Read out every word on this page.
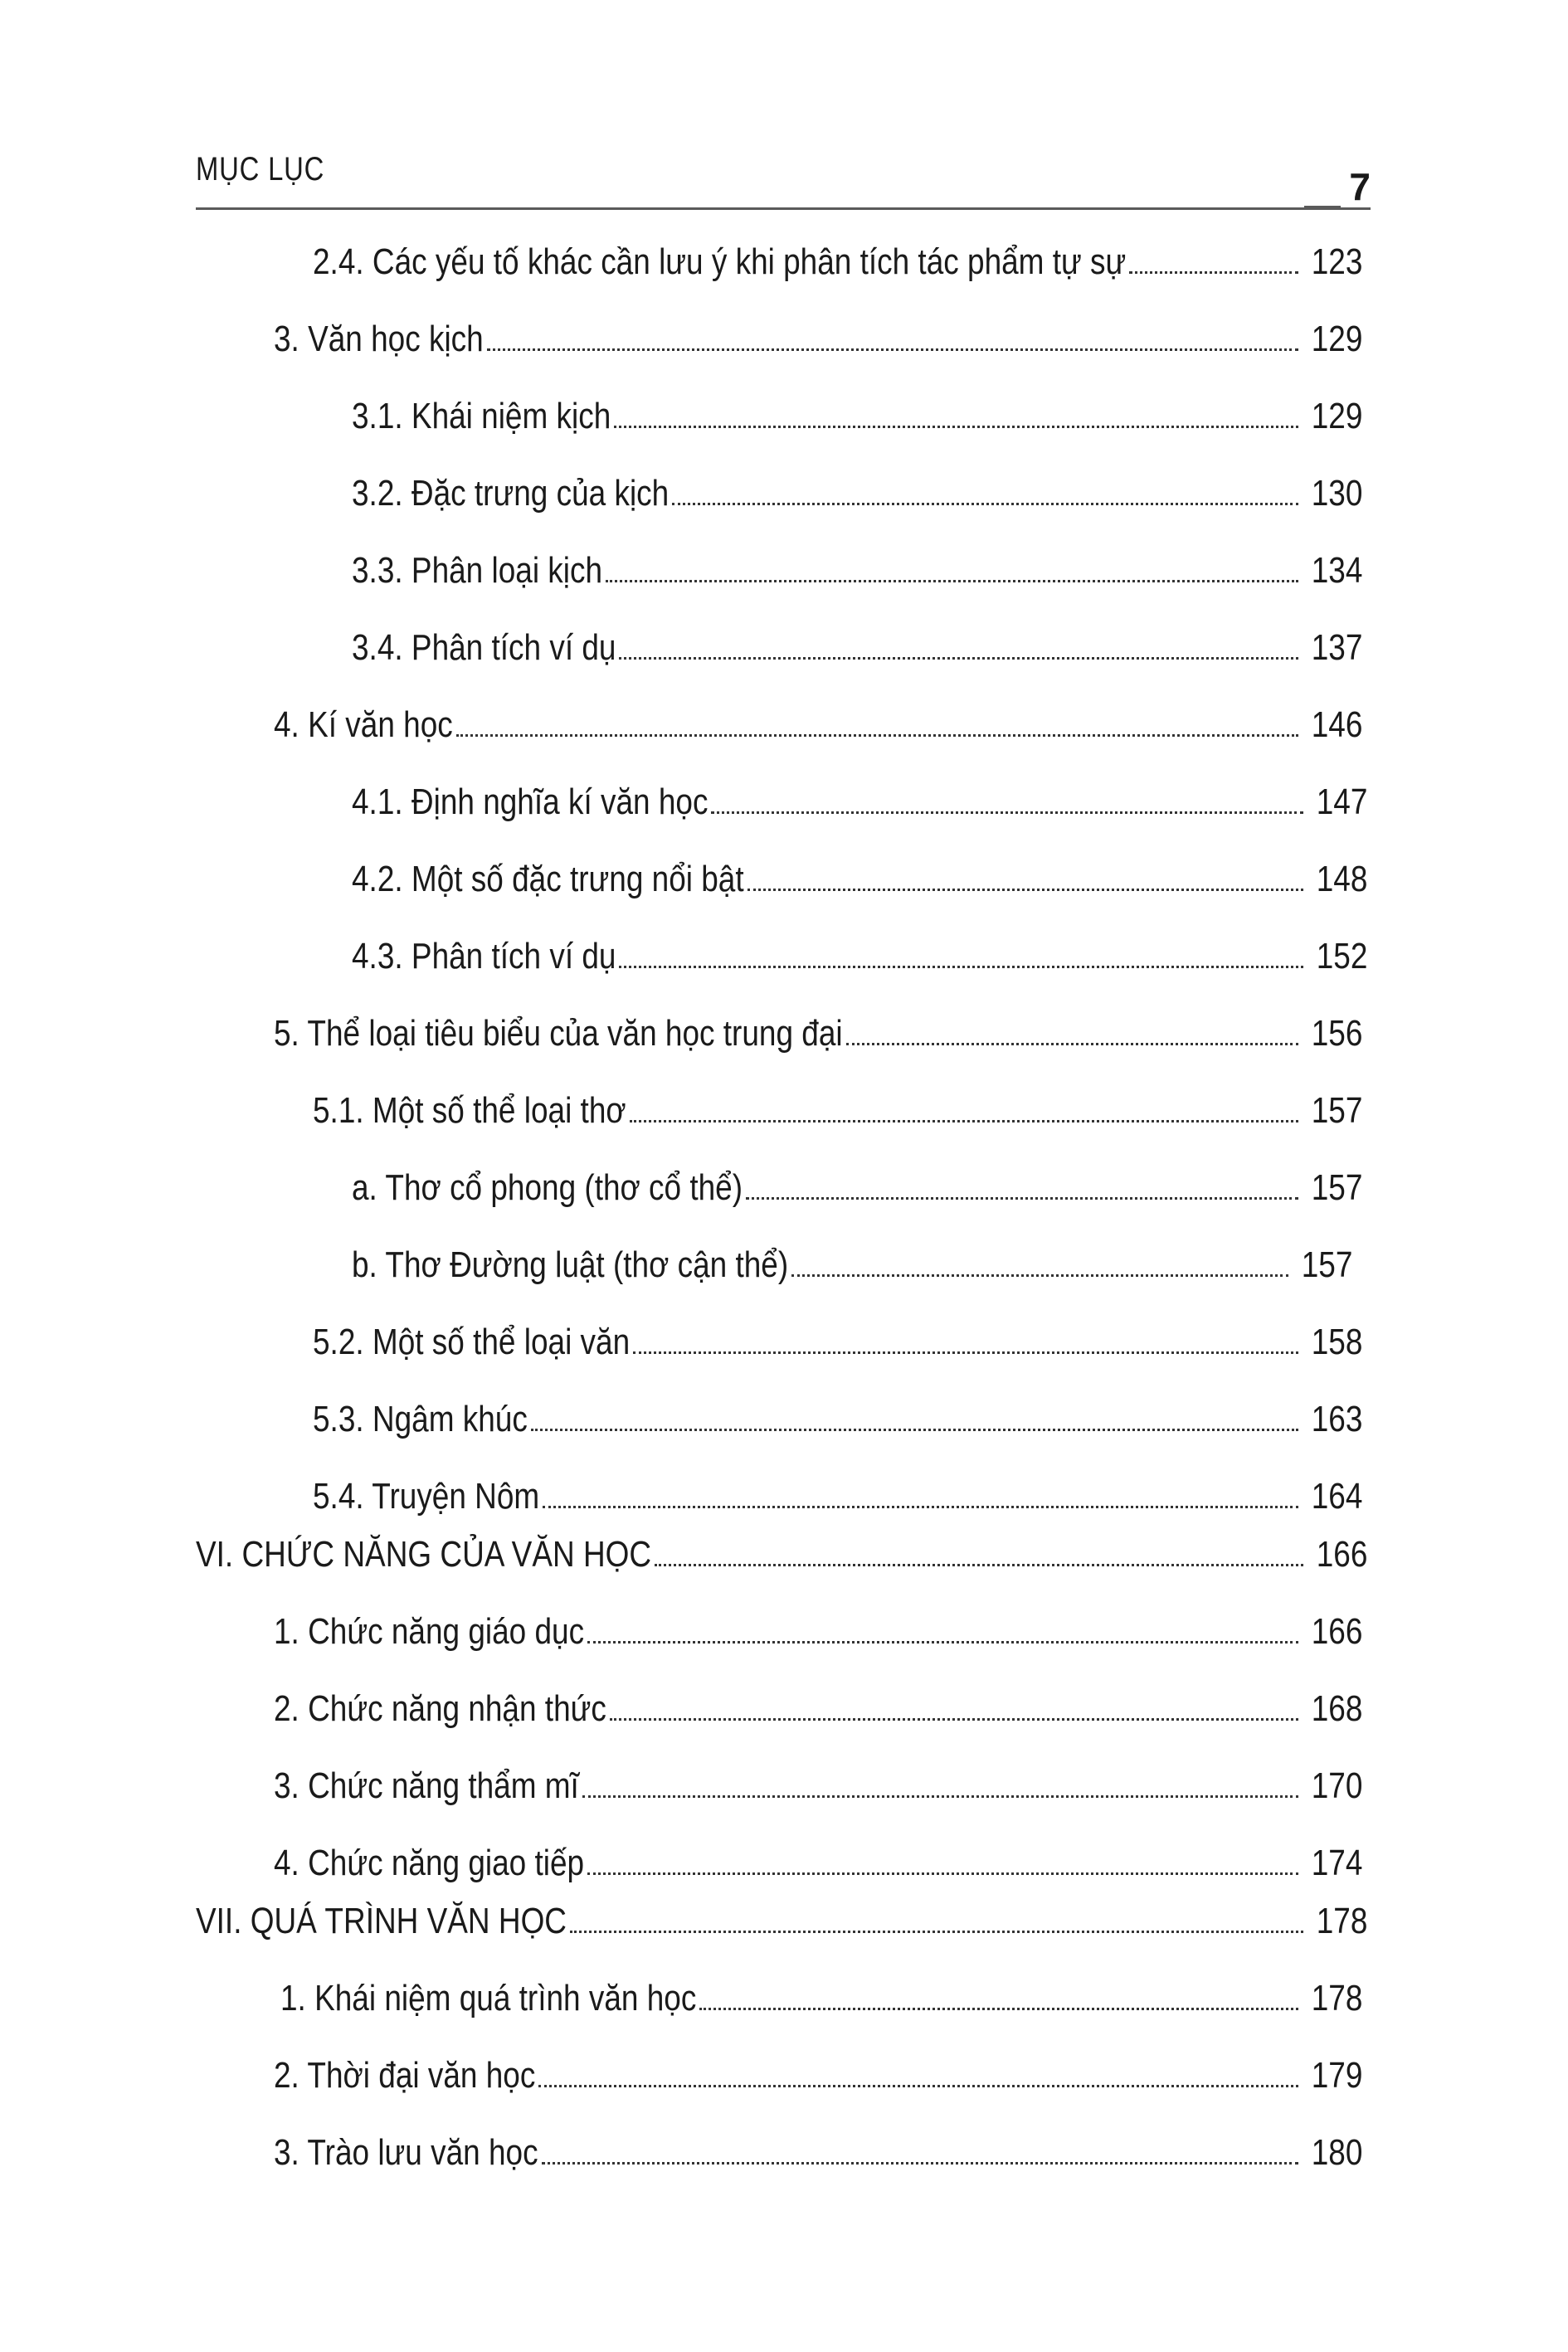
MỤC LỤC	7
2.4. Các yếu tố khác cần lưu ý khi phân tích tác phẩm tự sự	123
3. Văn học kịch	129
3.1. Khái niệm kịch	129
3.2. Đặc trưng của kịch	130
3.3. Phân loại kịch	134
3.4. Phân tích ví dụ	137
4. Kí văn học	146
4.1. Định nghĩa kí văn học	147
4.2. Một số đặc trưng nổi bật	148
4.3. Phân tích ví dụ	152
5. Thể loại tiêu biểu của văn học trung đại	156
5.1. Một số thể loại thơ	157
a. Thơ cổ phong (thơ cổ thể)	157
b. Thơ Đường luật (thơ cận thể)	157
5.2. Một số thể loại văn	158
5.3. Ngâm khúc	163
5.4. Truyện Nôm	164
VI. CHỨC NĂNG CỦA VĂN HỌC	166
1. Chức năng giáo dục	166
2. Chức năng nhận thức	168
3. Chức năng thẩm mĩ	170
4. Chức năng giao tiếp	174
VII. QUÁ TRÌNH VĂN HỌC	178
1. Khái niệm quá trình văn học	178
2. Thời đại văn học	179
3. Trào lưu văn học	180
